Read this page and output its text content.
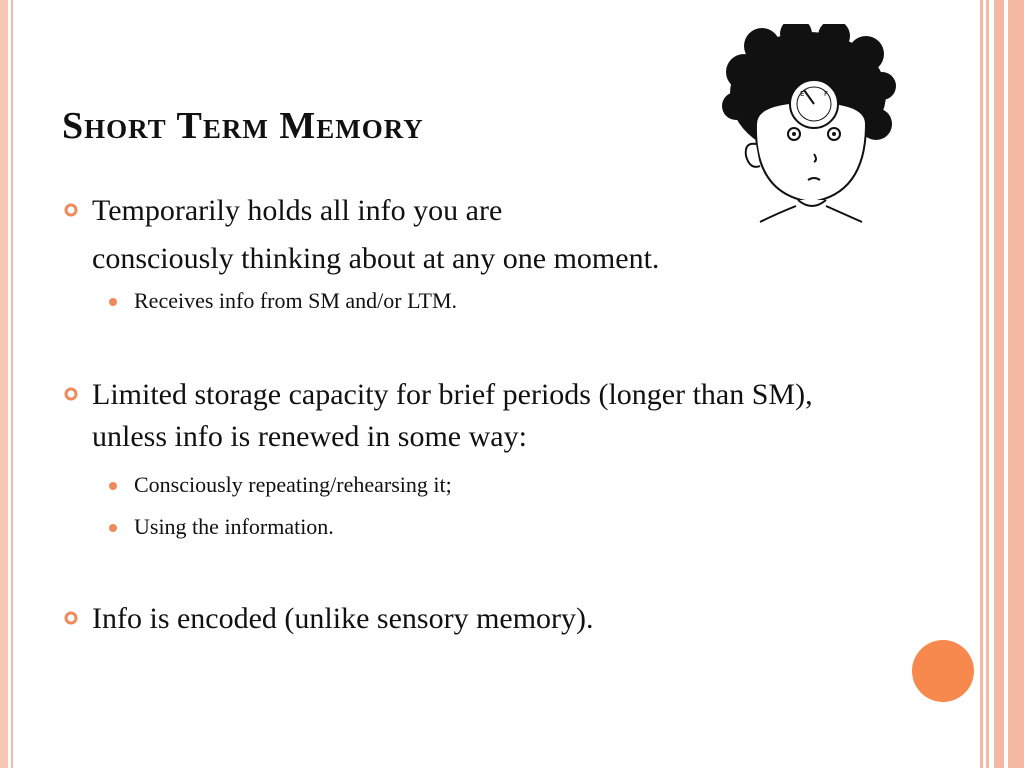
Short Term Memory
E	F
Temporarily holds all info you are
consciously thinking about at any one moment.
Receives info from SM and/or LTM.
Limited storage capacity for brief periods (longer than SM), unless info is renewed in some way:
Consciously repeating/rehearsing it;
Using the information.
Info is encoded (unlike sensory memory).
